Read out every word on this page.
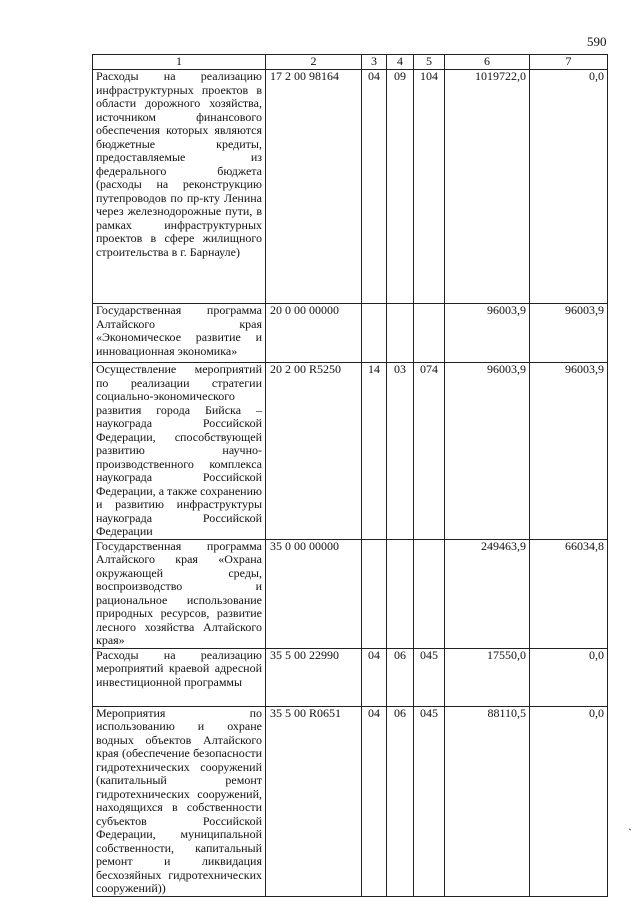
590
1	2	3	4	5	6	7
Расходы на реализацию инфраструктурных проектов в области дорожного хозяйства, источником финансового обеспечения которых являются бюджетные кредиты, предоставляемые из федерального бюджета (расходы на реконструкцию путепроводов по пр-кту Ленина через железнодорожные пути, в рамках инфраструктурных проектов в сфере жилищного строительства в г. Барнауле)	17 2 00 98164	04	09	104	1019722,0	0,0
Государственная программа Алтайского края «Экономическое развитие и инновационная экономика»	20 0 00 00000				96003,9	96003,9
Осуществление мероприятий по реализации стратегии социально-экономического развития города Бийска – наукограда Российской Федерации, способствующей развитию научно-производственного комплекса наукограда Российской Федерации, а также сохранению и развитию инфраструктуры наукограда Российской Федерации	20 2 00 R5250	14	03	074	96003,9	96003,9
Государственная программа Алтайского края «Охрана окружающей среды, воспроизводство и рациональное использование природных ресурсов, развитие лесного хозяйства Алтайского края»	35 0 00 00000				249463,9	66034,8
Расходы на реализацию мероприятий краевой адресной инвестиционной программы	35 5 00 22990	04	06	045	17550,0	0,0
Мероприятия по использованию и охране водных объектов Алтайского края (обеспечение безопасности гидротехнических сооружений (капитальный ремонт гидротехнических сооружений, находящихся в собственности субъектов Российской Федерации, муниципальной собственности, капитальный ремонт и ликвидация бесхозяйных гидротехнических сооружений))	35 5 00 R0651	04	06	045	88110,5	0,0
`
